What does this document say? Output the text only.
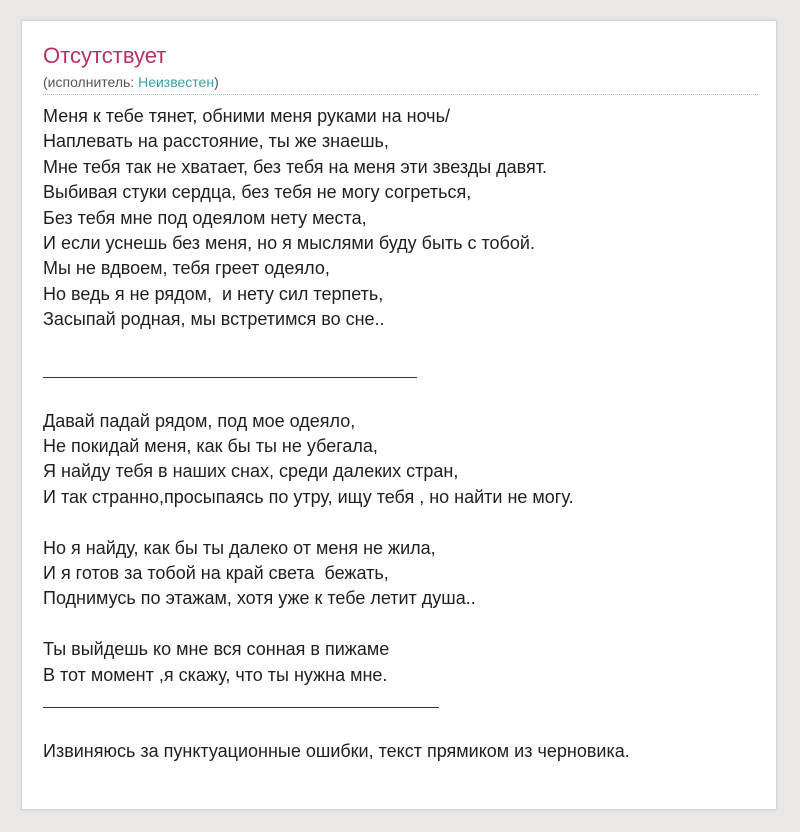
Отсутствует
(исполнитель: Неизвестен)
Меня к тебе тянет, обними меня руками на ночь/
Наплевать на расстояние, ты же знаешь,
Мне тебя так не хватает, без тебя на меня эти звезды давят.
Выбивая стуки сердца, без тебя не могу согреться,
Без тебя мне под одеялом нету места,
И если уснешь без меня, но я мыслями буду быть с тобой.
Мы не вдвоем, тебя греет одеяло,
Но ведь я не рядом,  и нету сил терпеть,
Засыпай родная, мы встретимся во сне..
Давай падай рядом, под мое одеяло,
Не покидай меня, как бы ты не убегала,
Я найду тебя в наших снах, среди далеких стран,
И так странно,просыпаясь по утру, ищу тебя , но найти не могу.
Но я найду, как бы ты далеко от меня не жила,
И я готов за тобой на край света  бежать,
Поднимусь по этажам, хотя уже к тебе летит душа..
Ты выйдешь ко мне вся сонная в пижаме
В тот момент ,я скажу, что ты нужна мне.
Извиняюсь за пунктуационные ошибки, текст прямиком из черновика.
